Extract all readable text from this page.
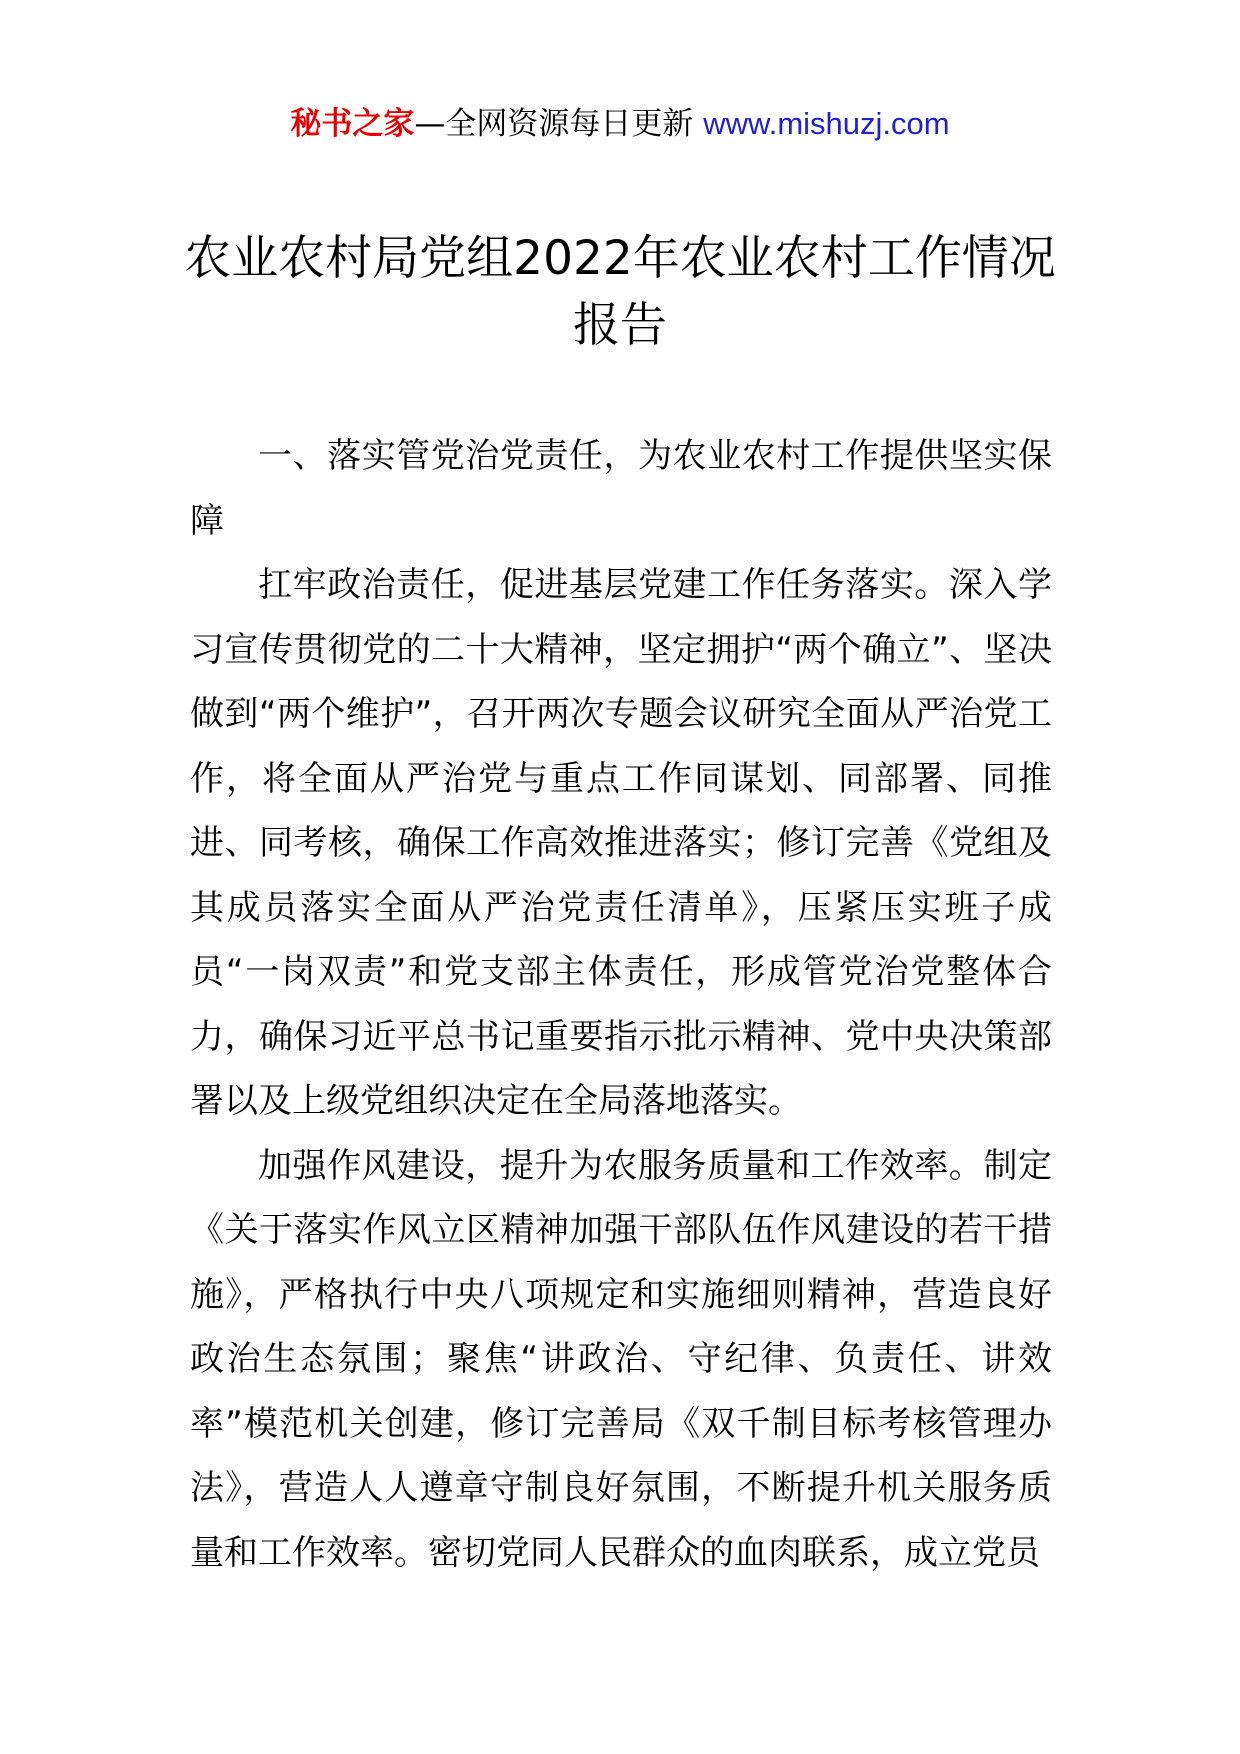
秘书之家—全网资源每日更新 www.mishuzj.com
农业农村局党组2022年农业农村工作情况
报告

一、落实管党治党责任，为农业农村工作提供坚实保障

扛牢政治责任，促进基层党建工作任务落实。深入学习宣传贯彻党的二十大精神，坚定拥护“两个确立”、坚决做到“两个维护”，召开两次专题会议研究全面从严治党工作，将全面从严治党与重点工作同谋划、同部署、同推进、同考核，确保工作高效推进落实；修订完善《党组及其成员落实全面从严治党责任清单》，压紧压实班子成员“一岗双责”和党支部主体责任，形成管党治党整体合力，确保习近平总书记重要指示批示精神、党中央决策部署以及上级党组织决定在全局落地落实。

加强作风建设，提升为农服务质量和工作效率。制定《关于落实作风立区精神加强干部队伍作风建设的若干措施》，严格执行中央八项规定和实施细则精神，营造良好政治生态氛围；聚焦“讲政治、守纪律、负责任、讲效率”模范机关创建，修订完善局《双千制目标考核管理办法》，营造人人遵章守制良好氛围，不断提升机关服务质量和工作效率。密切党同人民群众的血肉联系，成立党员
